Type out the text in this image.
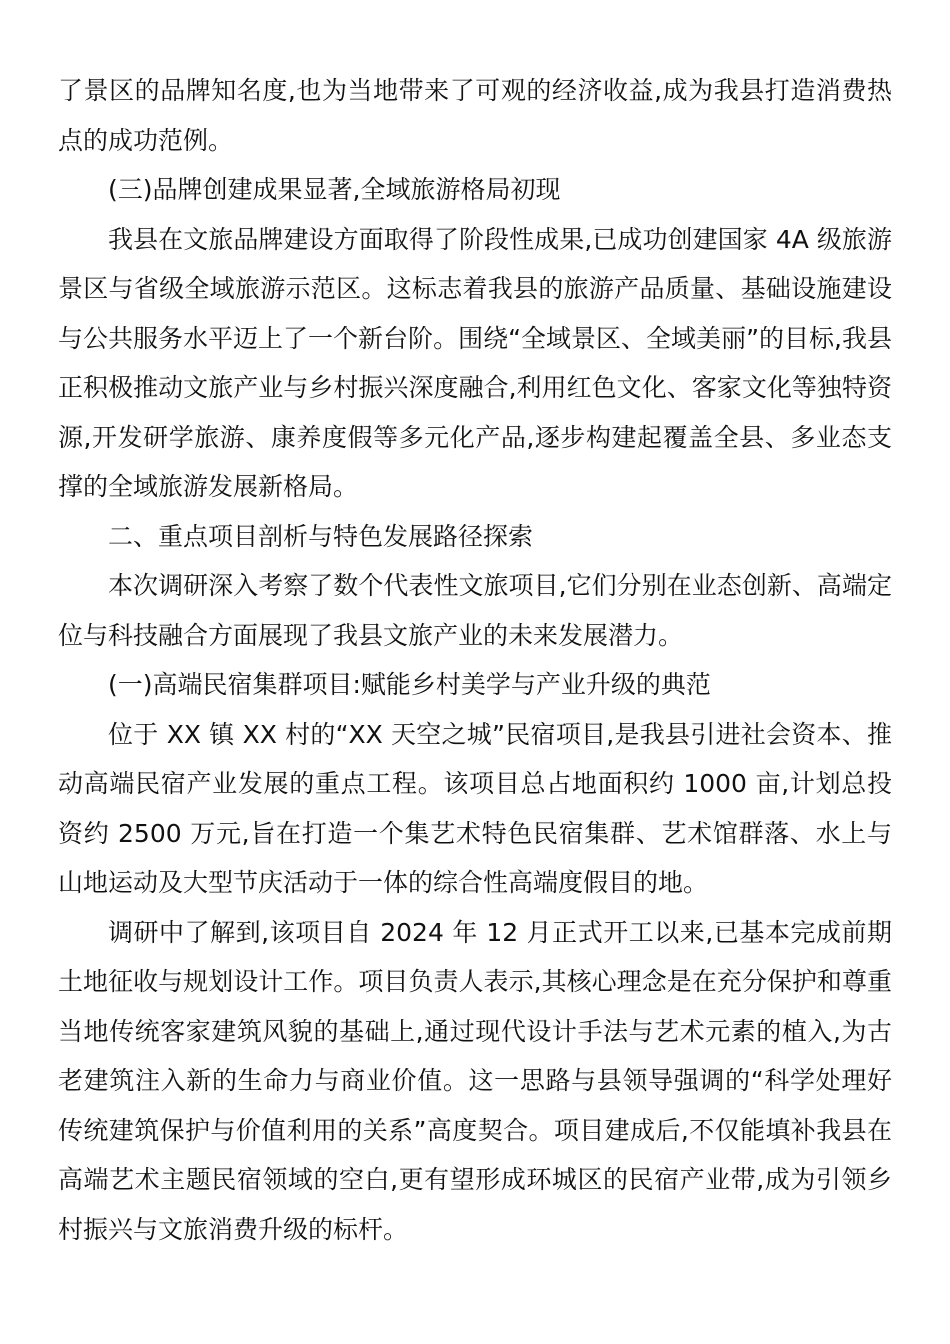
了景区的品牌知名度,也为当地带来了可观的经济收益,成为我县打造消费热点的成功范例。

(三)品牌创建成果显著,全域旅游格局初现

我县在文旅品牌建设方面取得了阶段性成果,已成功创建国家 4A 级旅游景区与省级全域旅游示范区。这标志着我县的旅游产品质量、基础设施建设与公共服务水平迈上了一个新台阶。围绕“全域景区、全域美丽”的目标,我县正积极推动文旅产业与乡村振兴深度融合,利用红色文化、客家文化等独特资源,开发研学旅游、康养度假等多元化产品,逐步构建起覆盖全县、多业态支撑的全域旅游发展新格局。

二、重点项目剖析与特色发展路径探索

本次调研深入考察了数个代表性文旅项目,它们分别在业态创新、高端定位与科技融合方面展现了我县文旅产业的未来发展潜力。

(一)高端民宿集群项目:赋能乡村美学与产业升级的典范

位于 XX 镇 XX 村的“XX 天空之城”民宿项目,是我县引进社会资本、推动高端民宿产业发展的重点工程。该项目总占地面积约 1000 亩,计划总投资约 2500 万元,旨在打造一个集艺术特色民宿集群、艺术馆群落、水上与山地运动及大型节庆活动于一体的综合性高端度假目的地。

调研中了解到,该项目自 2024 年 12 月正式开工以来,已基本完成前期土地征收与规划设计工作。项目负责人表示,其核心理念是在充分保护和尊重当地传统客家建筑风貌的基础上,通过现代设计手法与艺术元素的植入,为古老建筑注入新的生命力与商业价值。这一思路与县领导强调的“科学处理好传统建筑保护与价值利用的关系”高度契合。项目建成后,不仅能填补我县在高端艺术主题民宿领域的空白,更有望形成环城区的民宿产业带,成为引领乡村振兴与文旅消费升级的标杆。
